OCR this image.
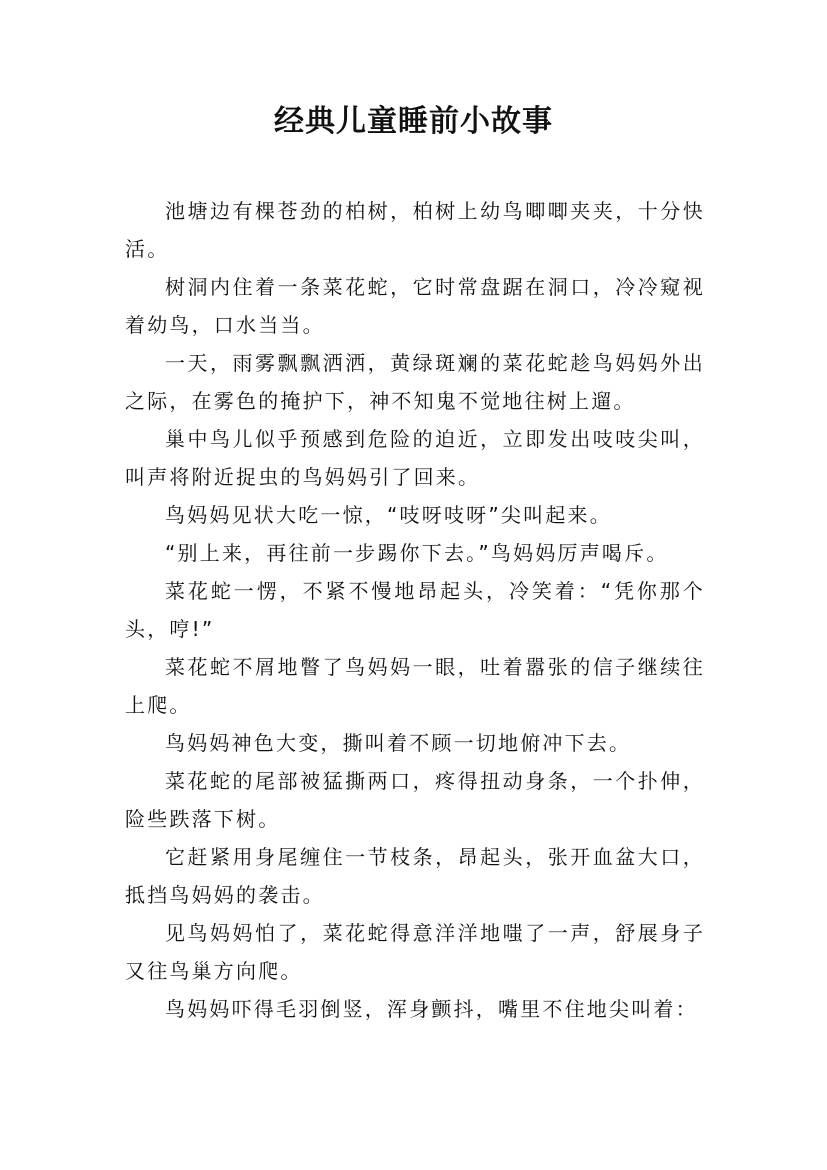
经典儿童睡前小故事

池塘边有棵苍劲的柏树，柏树上幼鸟唧唧夹夹，十分快活。

树洞内住着一条菜花蛇，它时常盘踞在洞口，冷冷窥视着幼鸟，口水当当。

一天，雨雾飘飘洒洒，黄绿斑斓的菜花蛇趁鸟妈妈外出之际，在雾色的掩护下，神不知鬼不觉地往树上遛。

巢中鸟儿似乎预感到危险的迫近，立即发出吱吱尖叫，叫声将附近捉虫的鸟妈妈引了回来。

鸟妈妈见状大吃一惊，“吱呀吱呀”尖叫起来。

“别上来，再往前一步踢你下去。”鸟妈妈厉声喝斥。

菜花蛇一愣，不紧不慢地昂起头，冷笑着：“凭你那个头，哼!”

菜花蛇不屑地瞥了鸟妈妈一眼，吐着嚣张的信子继续往上爬。

鸟妈妈神色大变，撕叫着不顾一切地俯冲下去。

菜花蛇的尾部被猛撕两口，疼得扭动身条，一个扑伸，险些跌落下树。

它赶紧用身尾缠住一节枝条，昂起头，张开血盆大口，抵挡鸟妈妈的袭击。

见鸟妈妈怕了，菜花蛇得意洋洋地嗤了一声，舒展身子又往鸟巢方向爬。

鸟妈妈吓得毛羽倒竖，浑身颤抖，嘴里不住地尖叫着：
